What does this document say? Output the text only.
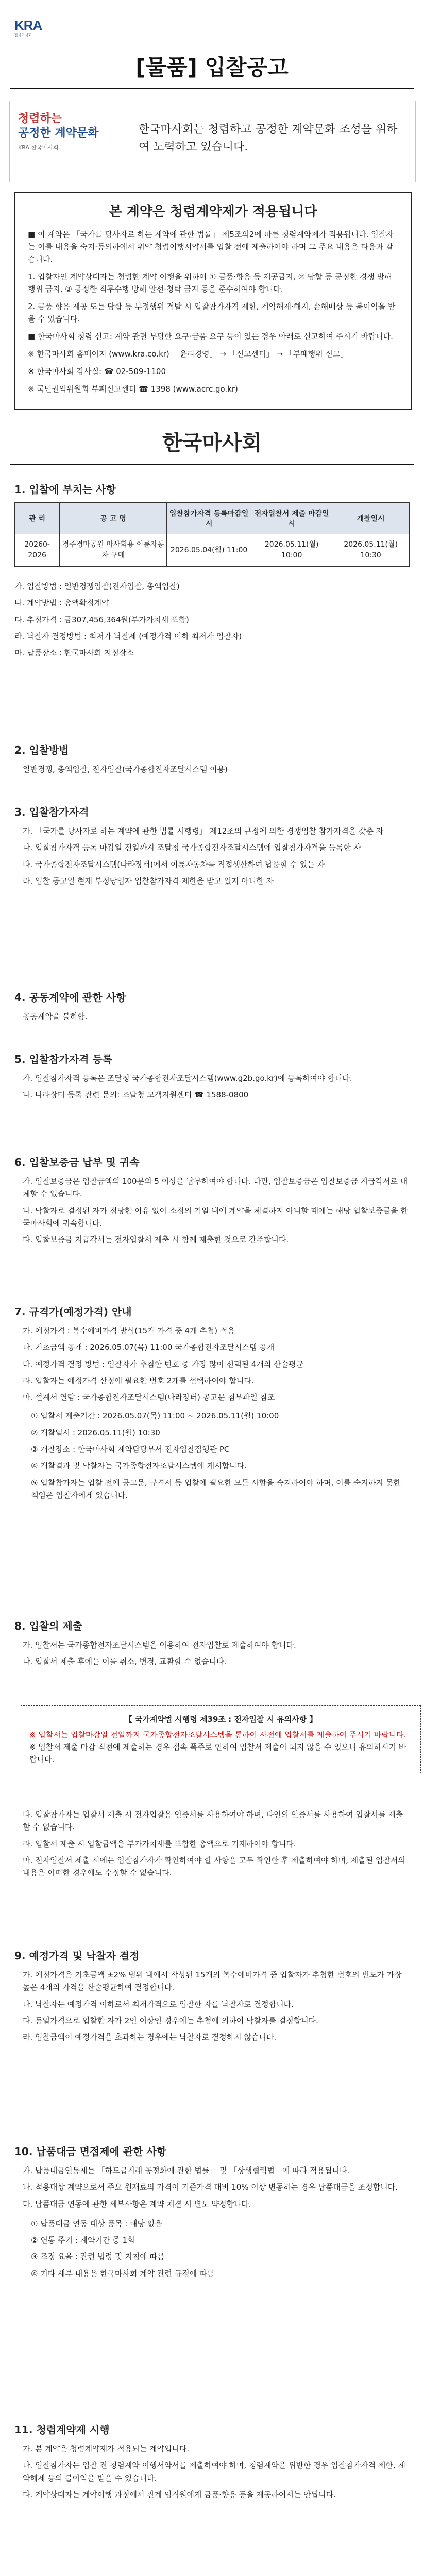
KRA
한국마사회
[물품] 입찰공고
청렴하는
공정한 계약문화
KRA 한국마사회
한국마사회는 청렴하고 공정한 계약문화 조성을 위하여 노력하고 있습니다.
본 계약은 청렴계약제가 적용됩니다

■ 이 계약은 「국가를 당사자로 하는 계약에 관한 법률」 제5조의2에 따른 청렴계약제가 적용됩니다. 입찰자는 이를 내용을 숙지·동의하에서 위약 청렴이행서약서를 입찰 전에 제출하여야 하며 그 주요 내용은 다음과 같습니다.

1. 입찰자인 계약상대자는 청렴한 계약 이행을 위하여 ① 금품·향응 등 제공금지, ② 담합 등 공정한 경쟁 방해 행위 금지, ③ 공정한 직무수행 방해 알선·청탁 금지 등을 준수하여야 합니다.

2. 금품 향응 제공 또는 담합 등 부정행위 적발 시 입찰참가자격 제한, 계약해제·해지, 손해배상 등 불이익을 받을 수 있습니다.

■ 한국마사회 청렴 신고: 계약 관련 부당한 요구·금품 요구 등이 있는 경우 아래로 신고하여 주시기 바랍니다.

※ 한국마사회 홈페이지 (www.kra.co.kr) 「윤리경영」 → 「신고센터」 → 「부패행위 신고」

※ 한국마사회 감사실: ☎ 02-509-1100

※ 국민권익위원회 부패신고센터 ☎ 1398 (www.acrc.go.kr)

한국마사회
1. 입찰에 부치는 사항
관 리	공 고 명	입찰참가자격 등록마감일시	전자입찰서 제출 마감일시	개찰일시
20260-2026	경주경마공원 마사회용 이륜자동차 구매	2026.05.04(월) 11:00	2026.05.11(월) 10:00	2026.05.11(월) 10:30

가. 입찰방법 : 일반경쟁입찰(전자입찰, 총액입찰)

나. 계약방법 : 총액확정계약

다. 추정가격 : 금307,456,364원(부가가치세 포함)

라. 낙찰자 결정방법 : 최저가 낙찰제 (예정가격 이하 최저가 입찰자)

마. 납품장소 : 한국마사회 지정장소

2. 입찰방법

일반경쟁, 총액입찰, 전자입찰(국가종합전자조달시스템 이용)

3. 입찰참가자격

가. 「국가를 당사자로 하는 계약에 관한 법률 시행령」 제12조의 규정에 의한 경쟁입찰 참가자격을 갖춘 자

나. 입찰참가자격 등록 마감일 전일까지 조달청 국가종합전자조달시스템에 입찰참가자격을 등록한 자

다. 국가종합전자조달시스템(나라장터)에서 이륜자동차를 직접생산하여 납품할 수 있는 자

라. 입찰 공고일 현재 부정당업자 입찰참가자격 제한을 받고 있지 아니한 자

4. 공동계약에 관한 사항

공동계약을 불허함.

5. 입찰참가자격 등록

가. 입찰참가자격 등록은 조달청 국가종합전자조달시스템(www.g2b.go.kr)에 등록하여야 합니다.

나. 나라장터 등록 관련 문의: 조달청 고객지원센터 ☎ 1588-0800

6. 입찰보증금 납부 및 귀속

가. 입찰보증금은 입찰금액의 100분의 5 이상을 납부하여야 합니다. 다만, 입찰보증금은 입찰보증금 지급각서로 대체할 수 있습니다.

나. 낙찰자로 결정된 자가 정당한 이유 없이 소정의 기일 내에 계약을 체결하지 아니할 때에는 해당 입찰보증금을 한국마사회에 귀속합니다.

다. 입찰보증금 지급각서는 전자입찰서 제출 시 함께 제출한 것으로 간주합니다.

7. 규격가(예정가격) 안내

가. 예정가격 : 복수예비가격 방식(15개 가격 중 4개 추첨) 적용

나. 기초금액 공개 : 2026.05.07(목) 11:00 국가종합전자조달시스템 공개

다. 예정가격 결정 방법 : 입찰자가 추첨한 번호 중 가장 많이 선택된 4개의 산술평균

라. 입찰자는 예정가격 산정에 필요한 번호 2개를 선택하여야 합니다.

마. 설계서 열람 : 국가종합전자조달시스템(나라장터) 공고문 첨부파일 참조

① 입찰서 제출기간 : 2026.05.07(목) 11:00 ~ 2026.05.11(월) 10:00

② 개찰일시 : 2026.05.11(월) 10:30

③ 개찰장소 : 한국마사회 계약담당부서 전자입찰집행관 PC

④ 개찰결과 및 낙찰자는 국가종합전자조달시스템에 게시합니다.

⑤ 입찰참가자는 입찰 전에 공고문, 규격서 등 입찰에 필요한 모든 사항을 숙지하여야 하며, 이를 숙지하지 못한 책임은 입찰자에게 있습니다.

8. 입찰의 제출

가. 입찰서는 국가종합전자조달시스템을 이용하여 전자입찰로 제출하여야 합니다.

나. 입찰서 제출 후에는 이를 취소, 변경, 교환할 수 없습니다.

【 국가계약법 시행령 제39조 : 전자입찰 시 유의사항 】
※ 입찰서는 입찰마감일 전일까지 국가종합전자조달시스템을 통하여 사전에 입찰서를 제출하여 주시기 바랍니다.
※ 입찰서 제출 마감 직전에 제출하는 경우 접속 폭주로 인하여 입찰서 제출이 되지 않을 수 있으니 유의하시기 바랍니다.

다. 입찰참가자는 입찰서 제출 시 전자입찰용 인증서를 사용하여야 하며, 타인의 인증서를 사용하여 입찰서를 제출할 수 없습니다.

라. 입찰서 제출 시 입찰금액은 부가가치세를 포함한 총액으로 기재하여야 합니다.

마. 전자입찰서 제출 시에는 입찰참가자가 확인하여야 할 사항을 모두 확인한 후 제출하여야 하며, 제출된 입찰서의 내용은 어떠한 경우에도 수정할 수 없습니다.

9. 예정가격 및 낙찰자 결정

가. 예정가격은 기초금액 ±2% 범위 내에서 작성된 15개의 복수예비가격 중 입찰자가 추첨한 번호의 빈도가 가장 높은 4개의 가격을 산술평균하여 결정합니다.

나. 낙찰자는 예정가격 이하로서 최저가격으로 입찰한 자를 낙찰자로 결정합니다.

다. 동일가격으로 입찰한 자가 2인 이상인 경우에는 추첨에 의하여 낙찰자를 결정합니다.

라. 입찰금액이 예정가격을 초과하는 경우에는 낙찰자로 결정하지 않습니다.

10. 납품대금 면접제에 관한 사항

가. 납품대금연동제는 「하도급거래 공정화에 관한 법률」 및 「상생협력법」에 따라 적용됩니다.

나. 적용대상 계약으로서 주요 원재료의 가격이 기준가격 대비 10% 이상 변동하는 경우 납품대금을 조정합니다.

다. 납품대금 연동에 관한 세부사항은 계약 체결 시 별도 약정합니다.

① 납품대금 연동 대상 품목 : 해당 없음

② 연동 주기 : 계약기간 중 1회

③ 조정 요율 : 관련 법령 및 지침에 따름

④ 기타 세부 내용은 한국마사회 계약 관련 규정에 따름

11. 청렴계약제 시행

가. 본 계약은 청렴계약제가 적용되는 계약입니다.

나. 입찰참가자는 입찰 전 청렴계약 이행서약서를 제출하여야 하며, 청렴계약을 위반한 경우 입찰참가자격 제한, 계약해제 등의 불이익을 받을 수 있습니다.

다. 계약상대자는 계약이행 과정에서 관계 임직원에게 금품·향응 등을 제공하여서는 안됩니다.
